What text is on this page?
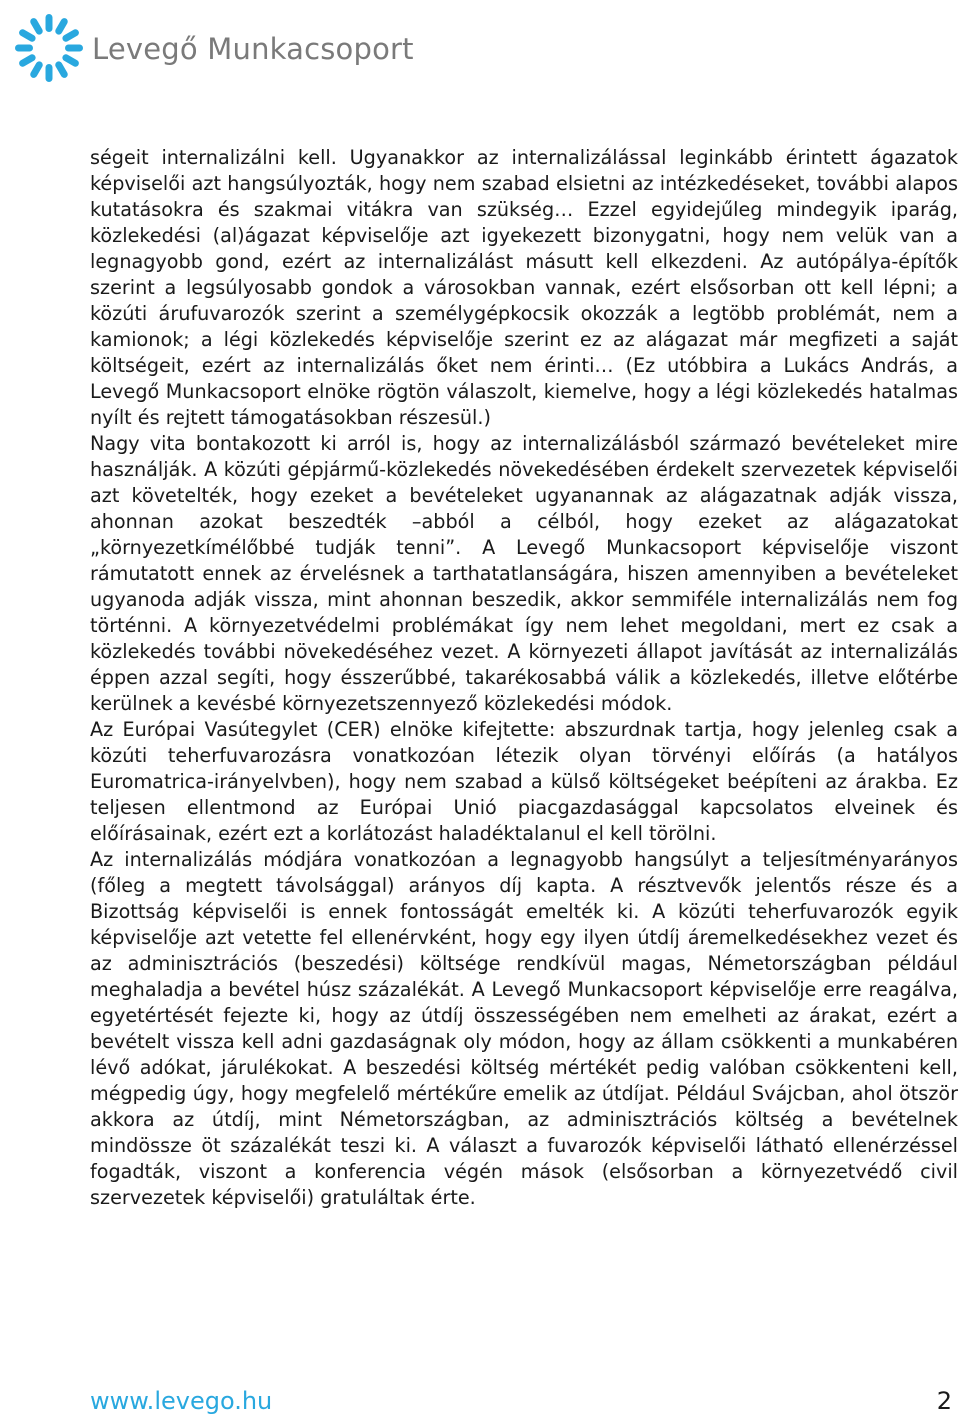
Levegő Munkacsoport

ségeit internalizálni kell. Ugyanakkor az internalizálással leginkább érintett ágazatok képviselői azt hangsúlyozták, hogy nem szabad elsietni az intézkedéseket, további alapos kutatásokra és szakmai vitákra van szükség… Ezzel egyidejűleg mindegyik iparág, közlekedési (al)ágazat képviselője azt igyekezett bizonygatni, hogy nem velük van a legnagyobb gond, ezért az internalizálást másutt kell elkezdeni. Az autópálya-építők szerint a legsúlyosabb gondok a városokban vannak, ezért elsősorban ott kell lépni; a közúti árufuvarozók szerint a személygépkocsik okozzák a legtöbb problémát, nem a kamionok; a légi közlekedés képviselője szerint ez az alágazat már megfizeti a saját költségeit, ezért az internalizálás őket nem érinti… (Ez utóbbira a Lukács András, a Levegő Munkacsoport elnöke rögtön válaszolt, kiemelve, hogy a légi közlekedés hatalmas nyílt és rejtett támogatásokban részesül.)

Nagy vita bontakozott ki arról is, hogy az internalizálásból származó bevételeket mire használják. A közúti gépjármű-közlekedés növekedésében érdekelt szervezetek képviselői azt követelték, hogy ezeket a bevételeket ugyanannak az alágazatnak adják vissza, ahonnan azokat beszedték –abból a célból, hogy ezeket az alágazatokat „környezetkímélőbbé tudják tenni”. A Levegő Munkacsoport képviselője viszont rámutatott ennek az érvelésnek a tarthatatlanságára, hiszen amennyiben a bevételeket ugyanoda adják vissza, mint ahonnan beszedik, akkor semmiféle internalizálás nem fog történni. A környezetvédelmi problémákat így nem lehet megoldani, mert ez csak a közlekedés további növekedéséhez vezet. A környezeti állapot javítását az internalizálás éppen azzal segíti, hogy ésszerűbbé, takarékosabbá válik a közlekedés, illetve előtérbe kerülnek a kevésbé környezetszennyező közlekedési módok.

Az Európai Vasútegylet (CER) elnöke kifejtette: abszurdnak tartja, hogy jelenleg csak a közúti teherfuvarozásra vonatkozóan létezik olyan törvényi előírás (a hatályos Euromatrica-irányelvben), hogy nem szabad a külső költségeket beépíteni az árakba. Ez teljesen ellentmond az Európai Unió piacgazdasággal kapcsolatos elveinek és előírásainak, ezért ezt a korlátozást haladéktalanul el kell törölni.

Az internalizálás módjára vonatkozóan a legnagyobb hangsúlyt a teljesítményarányos (főleg a megtett távolsággal) arányos díj kapta. A résztvevők jelentős része és a Bizottság képviselői is ennek fontosságát emelték ki. A közúti teherfuvarozók egyik képviselője azt vetette fel ellenérvként, hogy egy ilyen útdíj áremelkedésekhez vezet és az adminisztrációs (beszedési) költsége rendkívül magas, Németországban például meghaladja a bevétel húsz százalékát. A Levegő Munkacsoport képviselője erre reagálva, egyetértését fejezte ki, hogy az útdíj összességében nem emelheti az árakat, ezért a bevételt vissza kell adni gazdaságnak oly módon, hogy az állam csökkenti a munkabéren lévő adókat, járulékokat. A beszedési költség mértékét pedig valóban csökkenteni kell, mégpedig úgy, hogy megfelelő mértékűre emelik az útdíjat. Például Svájcban, ahol ötször akkora az útdíj, mint Németországban, az adminisztrációs költség a bevételnek mindössze öt százalékát teszi ki. A választ a fuvarozók képviselői látható ellenérzéssel fogadták, viszont a konferencia végén mások (elsősorban a környezetvédő civil szervezetek képviselői) gratuláltak érte.

www.levego.hu	2
